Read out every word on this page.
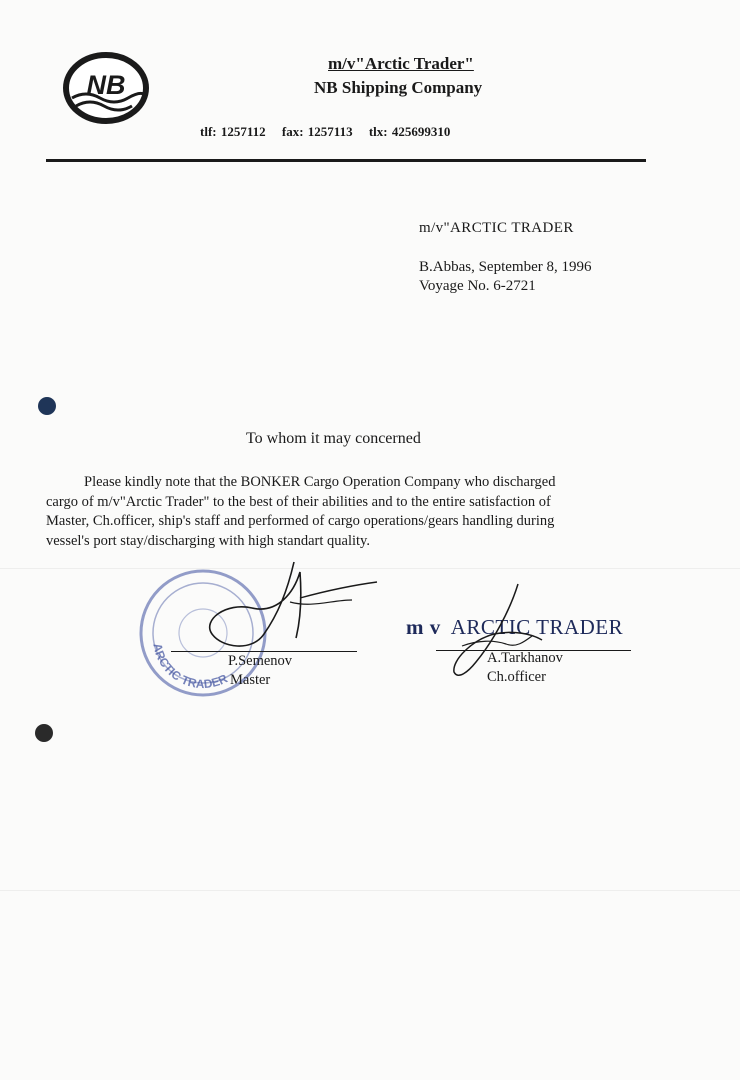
NB
m/v"Arctic Trader"
NB Shipping Company
tlf: 1257112 fax: 1257113 tlx: 425699310
m/v"ARCTIC TRADER
B.Abbas, September 8, 1996
Voyage No. 6-2721
To whom it may concerned
Please kindly note that the BONKER Cargo Operation Company who discharged
cargo of m/v"Arctic Trader" to the best of their abilities and to the entire satisfaction of
Master, Ch.officer, ship's staff and performed of cargo operations/gears handling during
vessel's port stay/discharging with high standart quality.
ARCTIC TRADER
P.Semenov
Master
m v ARCTIC TRADER
A.Tarkhanov
Ch.officer
